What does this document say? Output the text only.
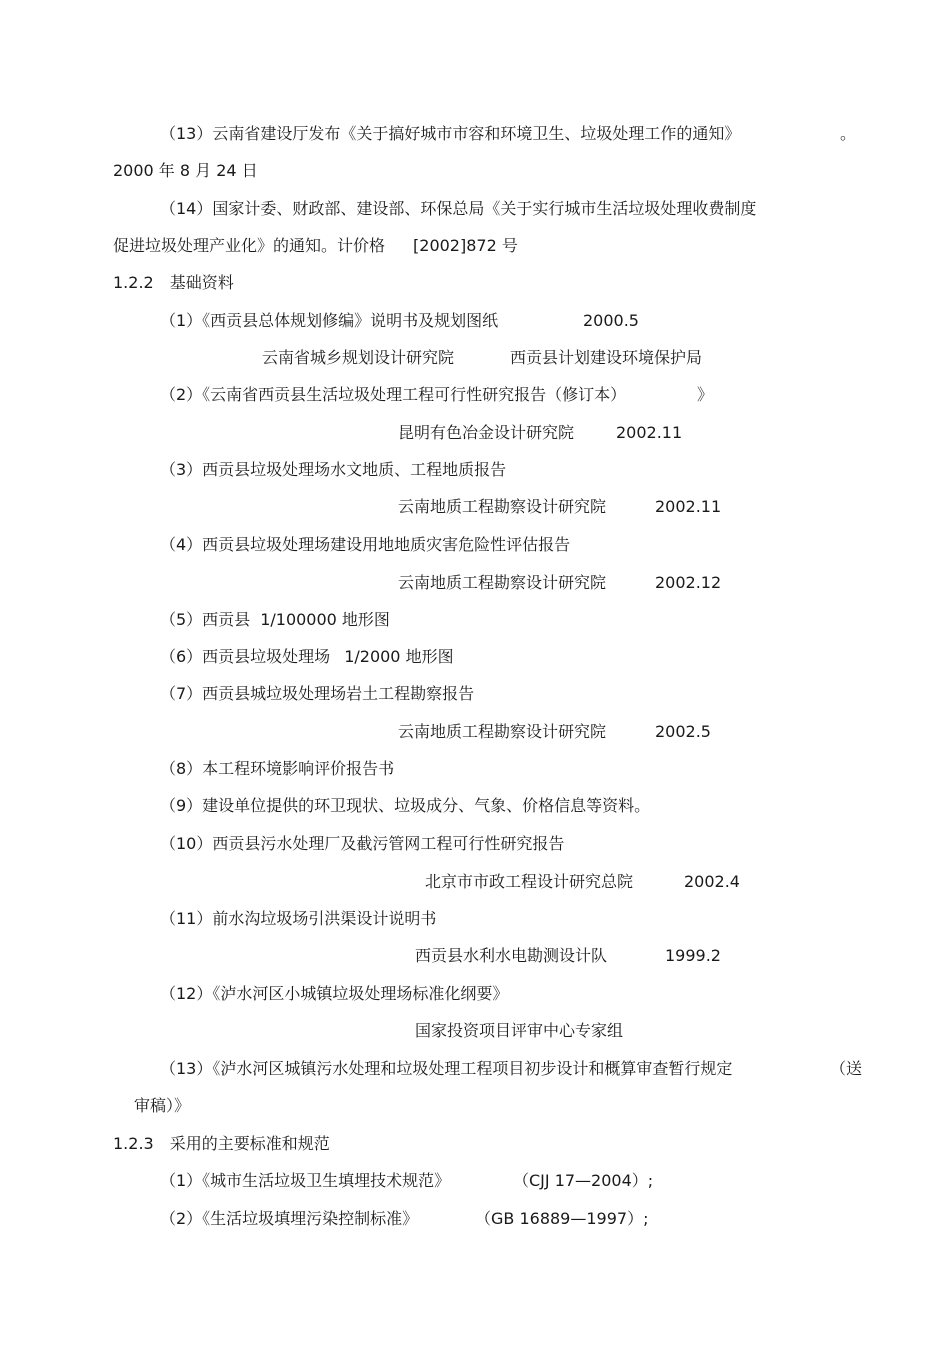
（13）云南省建设厅发布《关于搞好城市市容和环境卫生、垃圾处理工作的通知》	。
2000 年 8 月 24 日
（14）国家计委、财政部、建设部、环保总局《关于实行城市生活垃圾处理收费制度
促进垃圾处理产业化》的通知。计价格 [2002]872 号
1.2.2 基础资料
（1）《西贡县总体规划修编》说明书及规划图纸	2000.5
云南省城乡规划设计研究院	西贡县计划建设环境保护局
（2）《云南省西贡县生活垃圾处理工程可行性研究报告（修订本）	》
昆明有色冶金设计研究院	2002.11
（3）西贡县垃圾处理场水文地质、工程地质报告
云南地质工程勘察设计研究院	2002.11
（4）西贡县垃圾处理场建设用地地质灾害危险性评估报告
云南地质工程勘察设计研究院	2002.12
（5）西贡县 1/100000 地形图
（6）西贡县垃圾处理场 1/2000 地形图
（7）西贡县城垃圾处理场岩土工程勘察报告
云南地质工程勘察设计研究院	2002.5
（8）本工程环境影响评价报告书
（9）建设单位提供的环卫现状、垃圾成分、气象、价格信息等资料。
（10）西贡县污水处理厂及截污管网工程可行性研究报告
北京市市政工程设计研究总院	2002.4
（11）前水沟垃圾场引洪渠设计说明书
西贡县水利水电勘测设计队	1999.2
（12）《泸水河区小城镇垃圾处理场标准化纲要》
国家投资项目评审中心专家组
（13）《泸水河区城镇污水处理和垃圾处理工程项目初步设计和概算审查暂行规定	（送
审稿）》
1.2.3 采用的主要标准和规范
（1）《城市生活垃圾卫生填埋技术规范》	（CJJ 17—2004）;
（2）《生活垃圾填埋污染控制标准》	（GB 16889—1997）;
